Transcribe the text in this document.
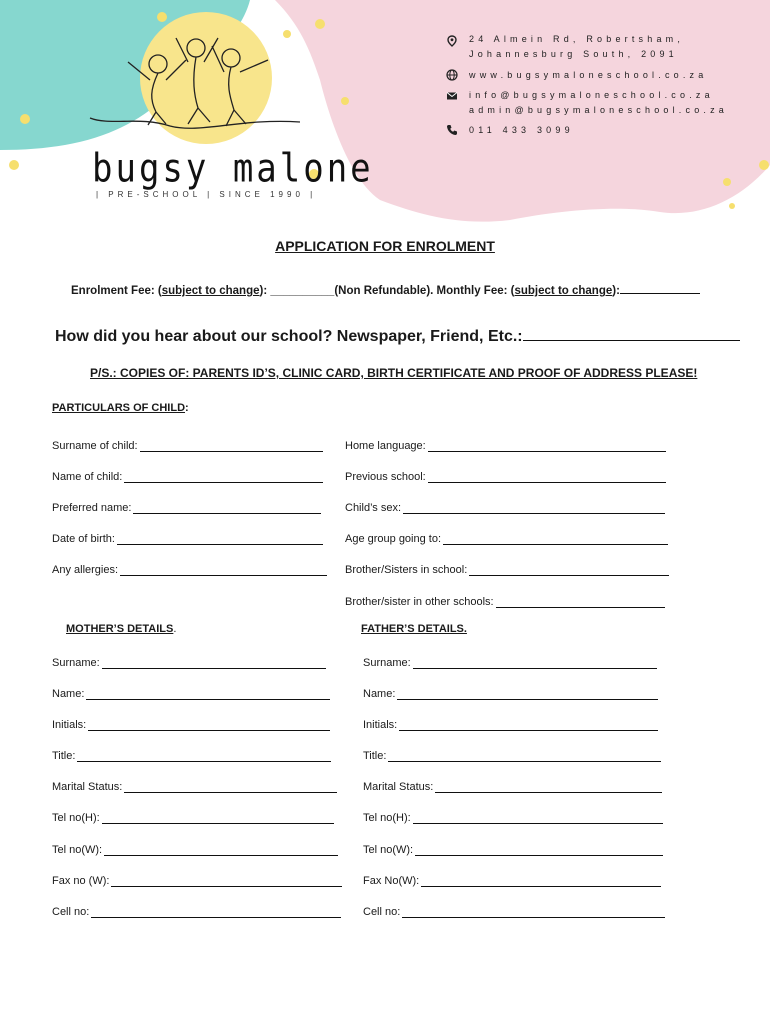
24 Almein Rd, Robertsham,
Johannesburg South, 2091
www.bugsymaloneschool.co.za
info@bugsymaloneschool.co.za
admin@bugsymaloneschool.co.za
011 433 3099
bugsy malone
| PRE-SCHOOL | SINCE 1990 |
APPLICATION FOR ENROLMENT
Enrolment Fee: (subject to change): __________(Non Refundable). Monthly Fee: (subject to change):
How did you hear about our school? Newspaper, Friend, Etc.:
P/S.: COPIES OF: PARENTS ID’S, CLINIC CARD, BIRTH CERTIFICATE AND PROOF OF ADDRESS PLEASE!
PARTICULARS OF CHILD:
Surname of child:
Name of child:
Preferred name:
Date of birth:
Any allergies:
Home language:
Previous school:
Child’s sex:
Age group going to:
Brother/Sisters in school:
Brother/sister in other schools:
MOTHER’S DETAILS.	FATHER’S DETAILS.
Surname:
Name:
Initials:
Title:
Marital Status:
Tel no(H):
Tel no(W):
Fax no (W):
Cell no:
Surname:
Name:
Initials:
Title:
Marital Status:
Tel no(H):
Tel no(W):
Fax No(W):
Cell no:
